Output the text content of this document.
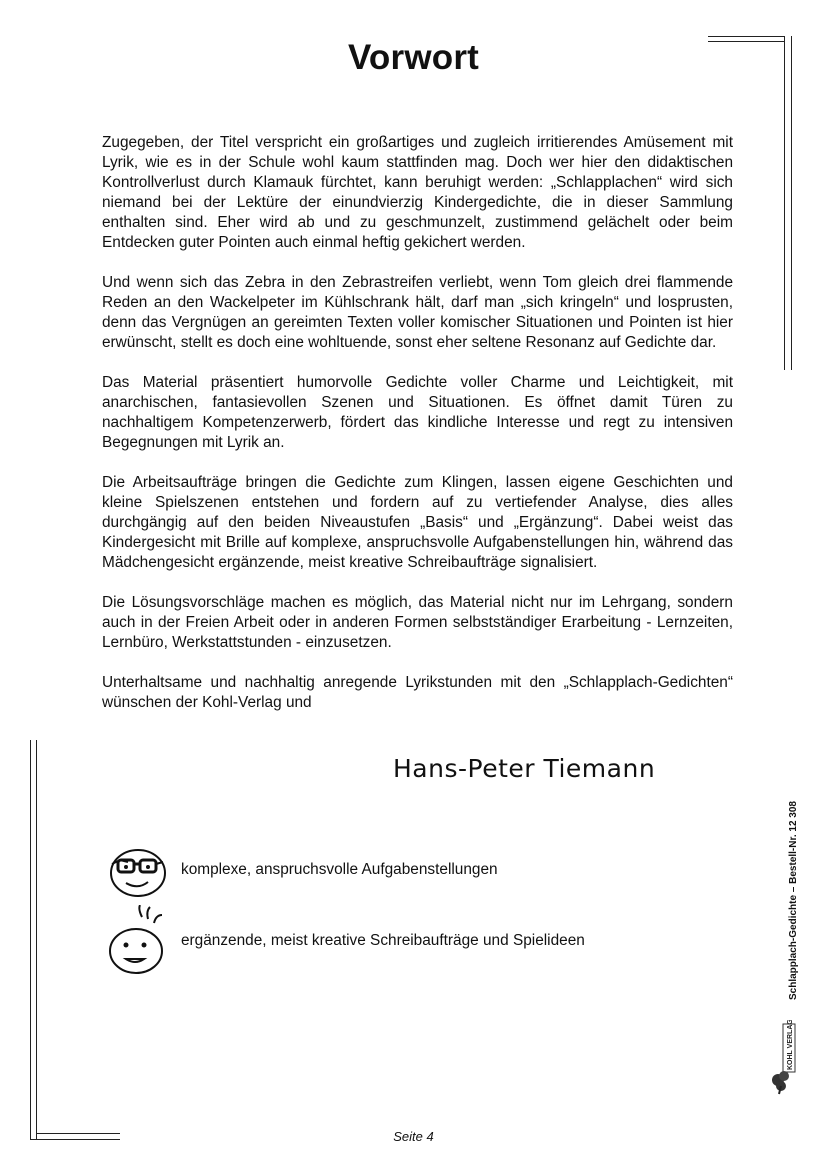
Vorwort

Zugegeben, der Titel verspricht ein großartiges und zugleich irritierendes Amüsement mit Lyrik, wie es in der Schule wohl kaum stattfinden mag. Doch wer hier den didaktischen Kontrollverlust durch Klamauk fürchtet, kann beruhigt werden: „Schlapplachen“ wird sich niemand bei der Lektüre der einundvierzig Kindergedichte, die in dieser Sammlung enthalten sind. Eher wird ab und zu geschmunzelt, zustimmend gelächelt oder beim Entdecken guter Pointen auch einmal heftig gekichert werden.

Und wenn sich das Zebra in den Zebrastreifen verliebt, wenn Tom gleich drei flammende Reden an den Wackelpeter im Kühlschrank hält, darf man „sich kringeln“ und losprusten, denn das Vergnügen an gereimten Texten voller komischer Situationen und Pointen ist hier erwünscht, stellt es doch eine wohltuende, sonst eher seltene Resonanz auf Gedichte dar.

Das Material präsentiert humorvolle Gedichte voller Charme und Leichtigkeit, mit anarchischen, fantasievollen Szenen und Situationen. Es öffnet damit Türen zu nachhaltigem Kompetenzerwerb, fördert das kindliche Interesse und regt zu intensiven Begegnungen mit Lyrik an.

Die Arbeitsaufträge bringen die Gedichte zum Klingen, lassen eigene Geschichten und kleine Spielszenen entstehen und fordern auf zu vertiefender Analyse, dies alles durchgängig auf den beiden Niveaustufen „Basis“ und „Ergänzung“. Dabei weist das Kindergesicht mit Brille auf komplexe, anspruchsvolle Aufgabenstellungen hin, während das Mädchengesicht ergänzende, meist kreative Schreibaufträge signalisiert.

Die Lösungsvorschläge machen es möglich, das Material nicht nur im Lehrgang, sondern auch in der Freien Arbeit oder in anderen Formen selbstständiger Erarbeitung - Lernzeiten, Lernbüro, Werkstattstunden - einzusetzen.

Unterhaltsame und nachhaltig anregende Lyrikstunden mit den „Schlapplach-Gedichten“ wünschen der Kohl-Verlag und

Hans-Peter Tiemann
komplexe, anspruchsvolle Aufgabenstellungen
ergänzende, meist kreative Schreibaufträge und Spielideen	Schlapplach-Gedichte – Bestell-Nr. 12 308
KOHL VERLAG
Seite 4
